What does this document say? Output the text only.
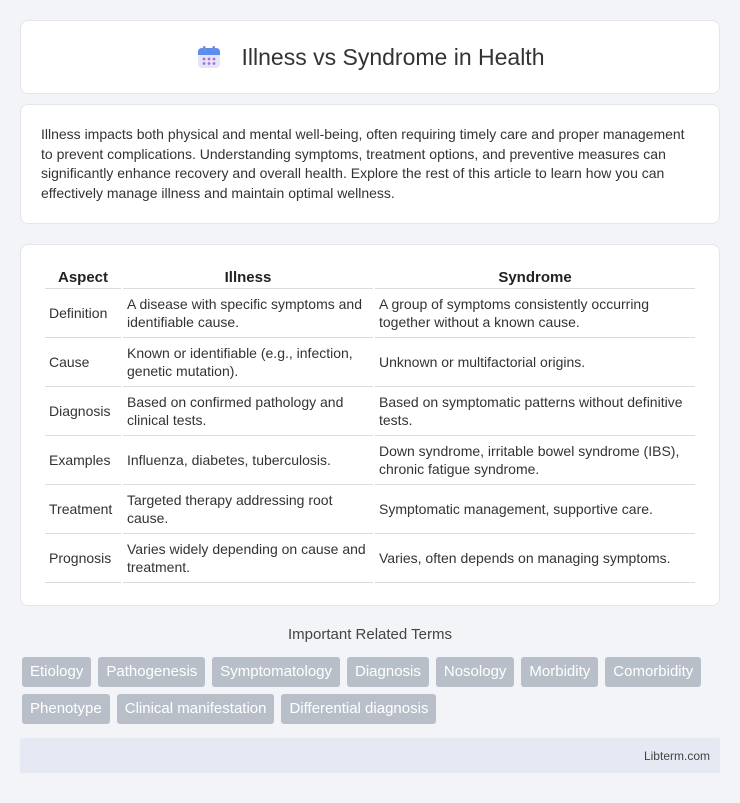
Illness vs Syndrome in Health

Illness impacts both physical and mental well-being, often requiring timely care and proper management to prevent complications. Understanding symptoms, treatment options, and preventive measures can significantly enhance recovery and overall health. Explore the rest of this article to learn how you can effectively manage illness and maintain optimal wellness.

Aspect	Illness	Syndrome
Definition	A disease with specific symptoms and identifiable cause.	A group of symptoms consistently occurring together without a known cause.
Cause	Known or identifiable (e.g., infection, genetic mutation).	Unknown or multifactorial origins.
Diagnosis	Based on confirmed pathology and clinical tests.	Based on symptomatic patterns without definitive tests.
Examples	Influenza, diabetes, tuberculosis.	Down syndrome, irritable bowel syndrome (IBS), chronic fatigue syndrome.
Treatment	Targeted therapy addressing root cause.	Symptomatic management, supportive care.
Prognosis	Varies widely depending on cause and treatment.	Varies, often depends on managing symptoms.
Important Related Terms
Etiology	Pathogenesis	Symptomatology	Diagnosis	Nosology	Morbidity	Comorbidity
Phenotype	Clinical manifestation	Differential diagnosis
Libterm.com
